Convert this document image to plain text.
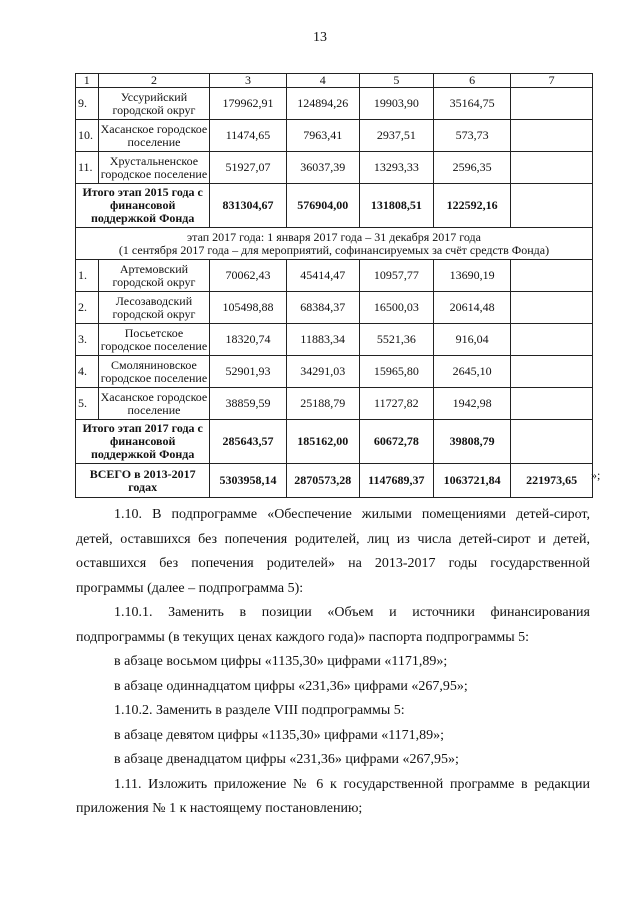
13
1	2	3	4	5	6	7
9.	Уссурийский городской округ	179962,91	124894,26	19903,90	35164,75	
10.	Хасанское городское поселение	11474,65	7963,41	2937,51	573,73	
11.	Хрустальненское городское поселение	51927,07	36037,39	13293,33	2596,35	
Итого этап 2015 года с финансовой поддержкой Фонда		831304,67	576904,00	131808,51	122592,16	

этап 2017 года: 1 января 2017 года – 31 декабря 2017 года
(1 сентября 2017 года – для мероприятий, софинансируемых за счёт средств Фонда)						

1.	Артемовский городской округ	70062,43	45414,47	10957,77	13690,19	
2.	Лесозаводский городской округ	105498,88	68384,37	16500,03	20614,48	
3.	Посьетское городское поселение	18320,74	11883,34	5521,36	916,04	
4.	Смоляниновское городское поселение	52901,93	34291,03	15965,80	2645,10	
5.	Хасанское городское поселение	38859,59	25188,79	11727,82	1942,98	
Итого этап 2017 года с финансовой поддержкой Фонда		285643,57	185162,00	60672,78	39808,79	
ВСЕГО в 2013-2017 годах		5303958,14	2870573,28	1147689,37	1063721,84	221973,65 »;

1.10. В подпрограмме «Обеспечение жилыми помещениями детей-сирот, детей, оставшихся без попечения родителей, лиц из числа детей-сирот и детей, оставшихся без попечения родителей» на 2013-2017 годы государственной программы (далее – подпрограмма 5):

1.10.1. Заменить в позиции «Объем и источники финансирования подпрограммы (в текущих ценах каждого года)» паспорта подпрограммы 5:

в абзаце восьмом цифры «1135,30» цифрами «1171,89»;

в абзаце одиннадцатом цифры «231,36» цифрами «267,95»;

1.10.2. Заменить в разделе VIII подпрограммы 5:

в абзаце девятом цифры «1135,30» цифрами «1171,89»;

в абзаце двенадцатом цифры «231,36» цифрами «267,95»;

1.11. Изложить приложение № 6 к государственной программе в редакции приложения № 1 к настоящему постановлению;
